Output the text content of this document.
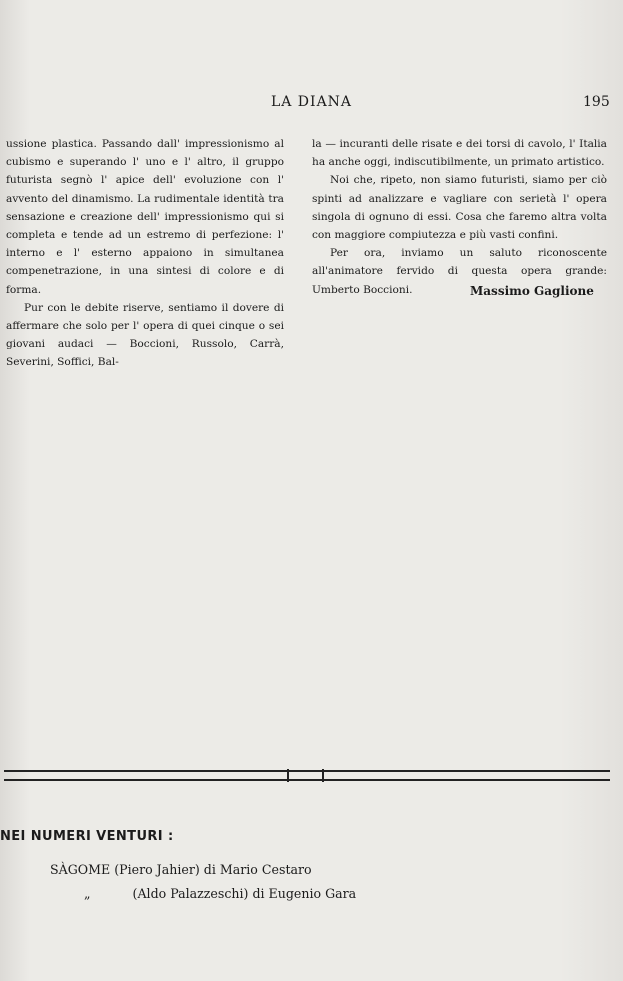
LA DIANA	195

ussione plastica. Passando dall' impressionismo al cubismo e superando l' uno e l' altro, il gruppo futurista segnò l' apice dell' evoluzione con l' avvento del dinamismo. La rudimentale identità tra sensazione e creazione dell' impressionismo qui si completa e tende ad un estremo di perfezione: l' interno e l' esterno appaiono in simultanea compenetrazione, in una sintesi di colore e di forma.

Pur con le debite riserve, sentiamo il dovere di affermare che solo per l' opera di quei cinque o sei giovani audaci — Boccioni, Russolo, Carrà, Severini, Soffici, Bal-

la — incuranti delle risate e dei torsi di cavolo, l' Italia ha anche oggi, indiscutibilmente, un primato artistico.

Noi che, ripeto, non siamo futuristi, siamo per ciò spinti ad analizzare e vagliare con serietà l' opera singola di ognuno di essi. Cosa che faremo altra volta con maggiore compiutezza e più vasti confini.

Per ora, inviamo un saluto riconoscente all'animatore fervido di questa opera grande: Umberto Boccioni.	Massimo Gaglione
NEI NUMERI VENTURI :
SÀGOME (Piero Jahier) di Mario Cestaro
„	(Aldo Palazzeschi) di Eugenio Gara
